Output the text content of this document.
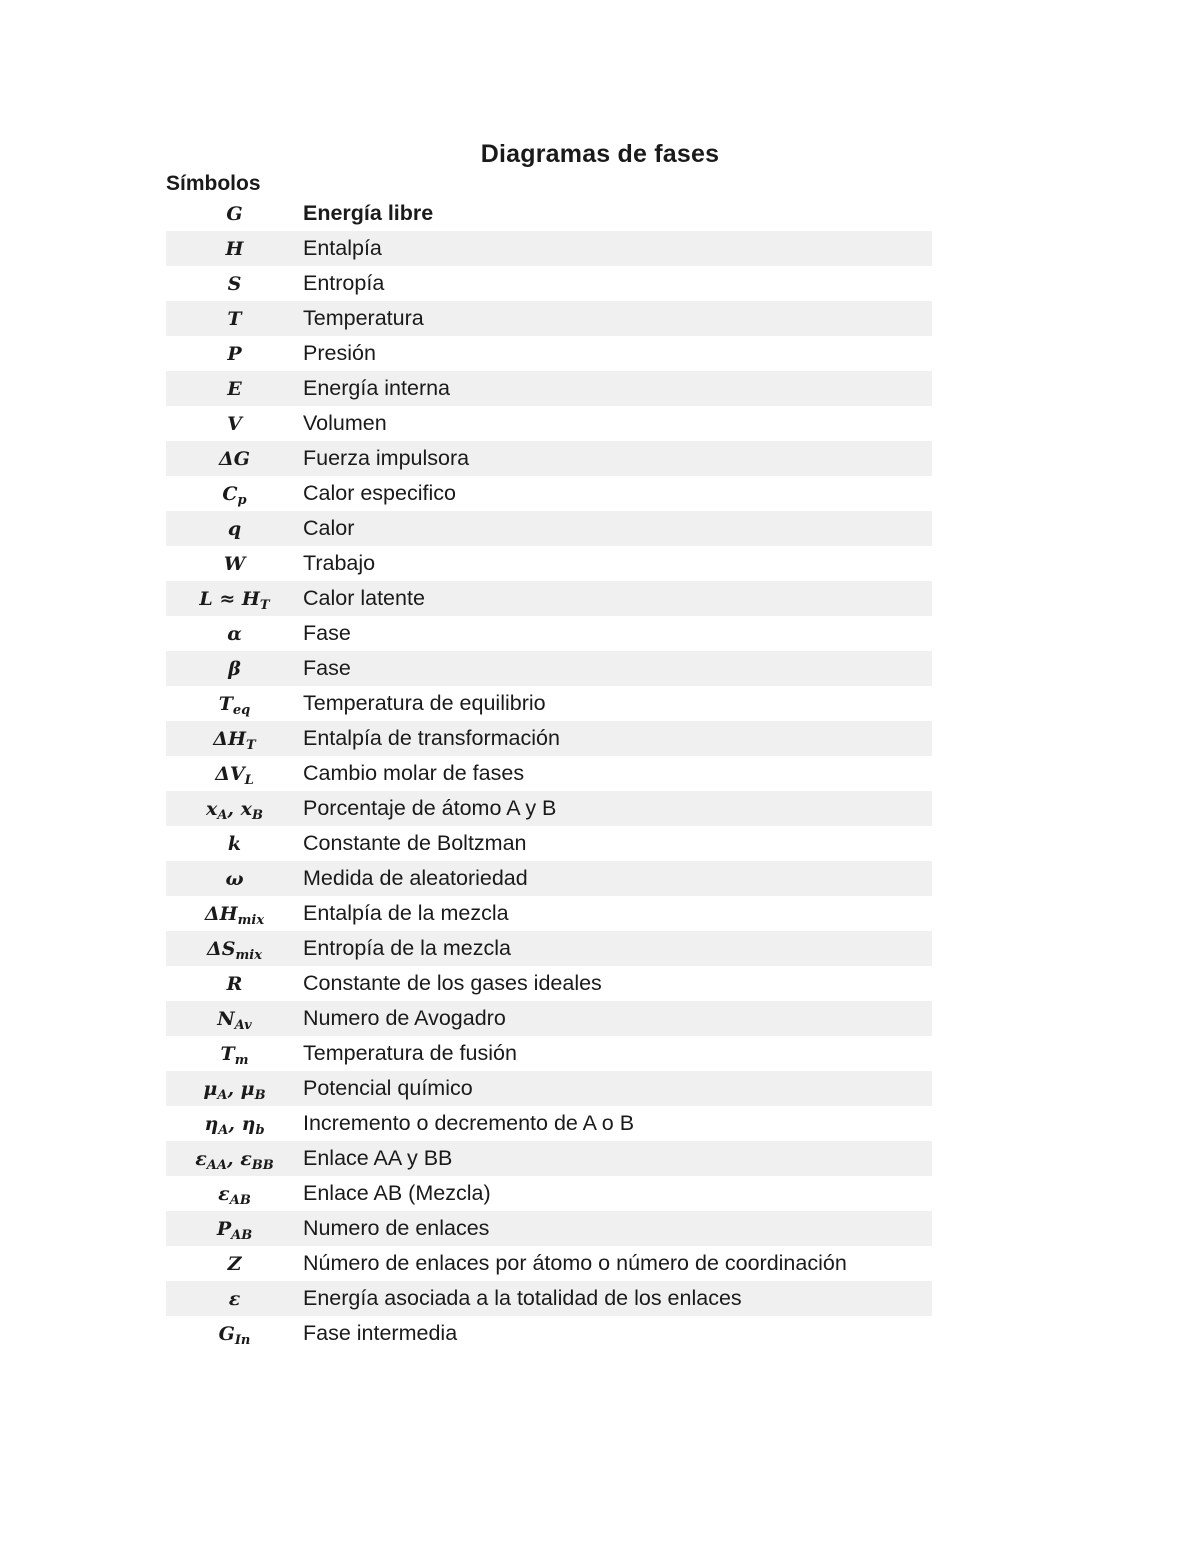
Diagramas de fases
Símbolos
G	Energía libre
H	Entalpía
S	Entropía
T	Temperatura
P	Presión
E	Energía interna
V	Volumen
ΔG	Fuerza impulsora
$C_p$	Calor especifico
q	Calor
W	Trabajo
$L \approx H_T$	Calor latente
α	Fase
β	Fase
$T_{eq}$	Temperatura de equilibrio
$\Delta H_T$	Entalpía de transformación
$\Delta V_L$	Cambio molar de fases
$x_A$, $x_B$	Porcentaje de átomo A y B
k	Constante de Boltzman
ω	Medida de aleatoriedad
$\Delta H_{mix}$	Entalpía de la mezcla
$\Delta S_{mix}$	Entropía de la mezcla
R	Constante de los gases ideales
$N_{Av}$	Numero de Avogadro
$T_m$	Temperatura de fusión
$\mu_A$, $\mu_B$	Potencial químico
$\eta_A$, $\eta_b$	Incremento o decremento de A o B
$\varepsilon_{AA}$, $\varepsilon_{BB}$	Enlace AA y BB
$\varepsilon_{AB}$	Enlace AB (Mezcla)
$P_{AB}$	Numero de enlaces
Z	Número de enlaces por átomo o número de coordinación
ε	Energía asociada a la totalidad de los enlaces
$G_{In}$	Fase intermedia
